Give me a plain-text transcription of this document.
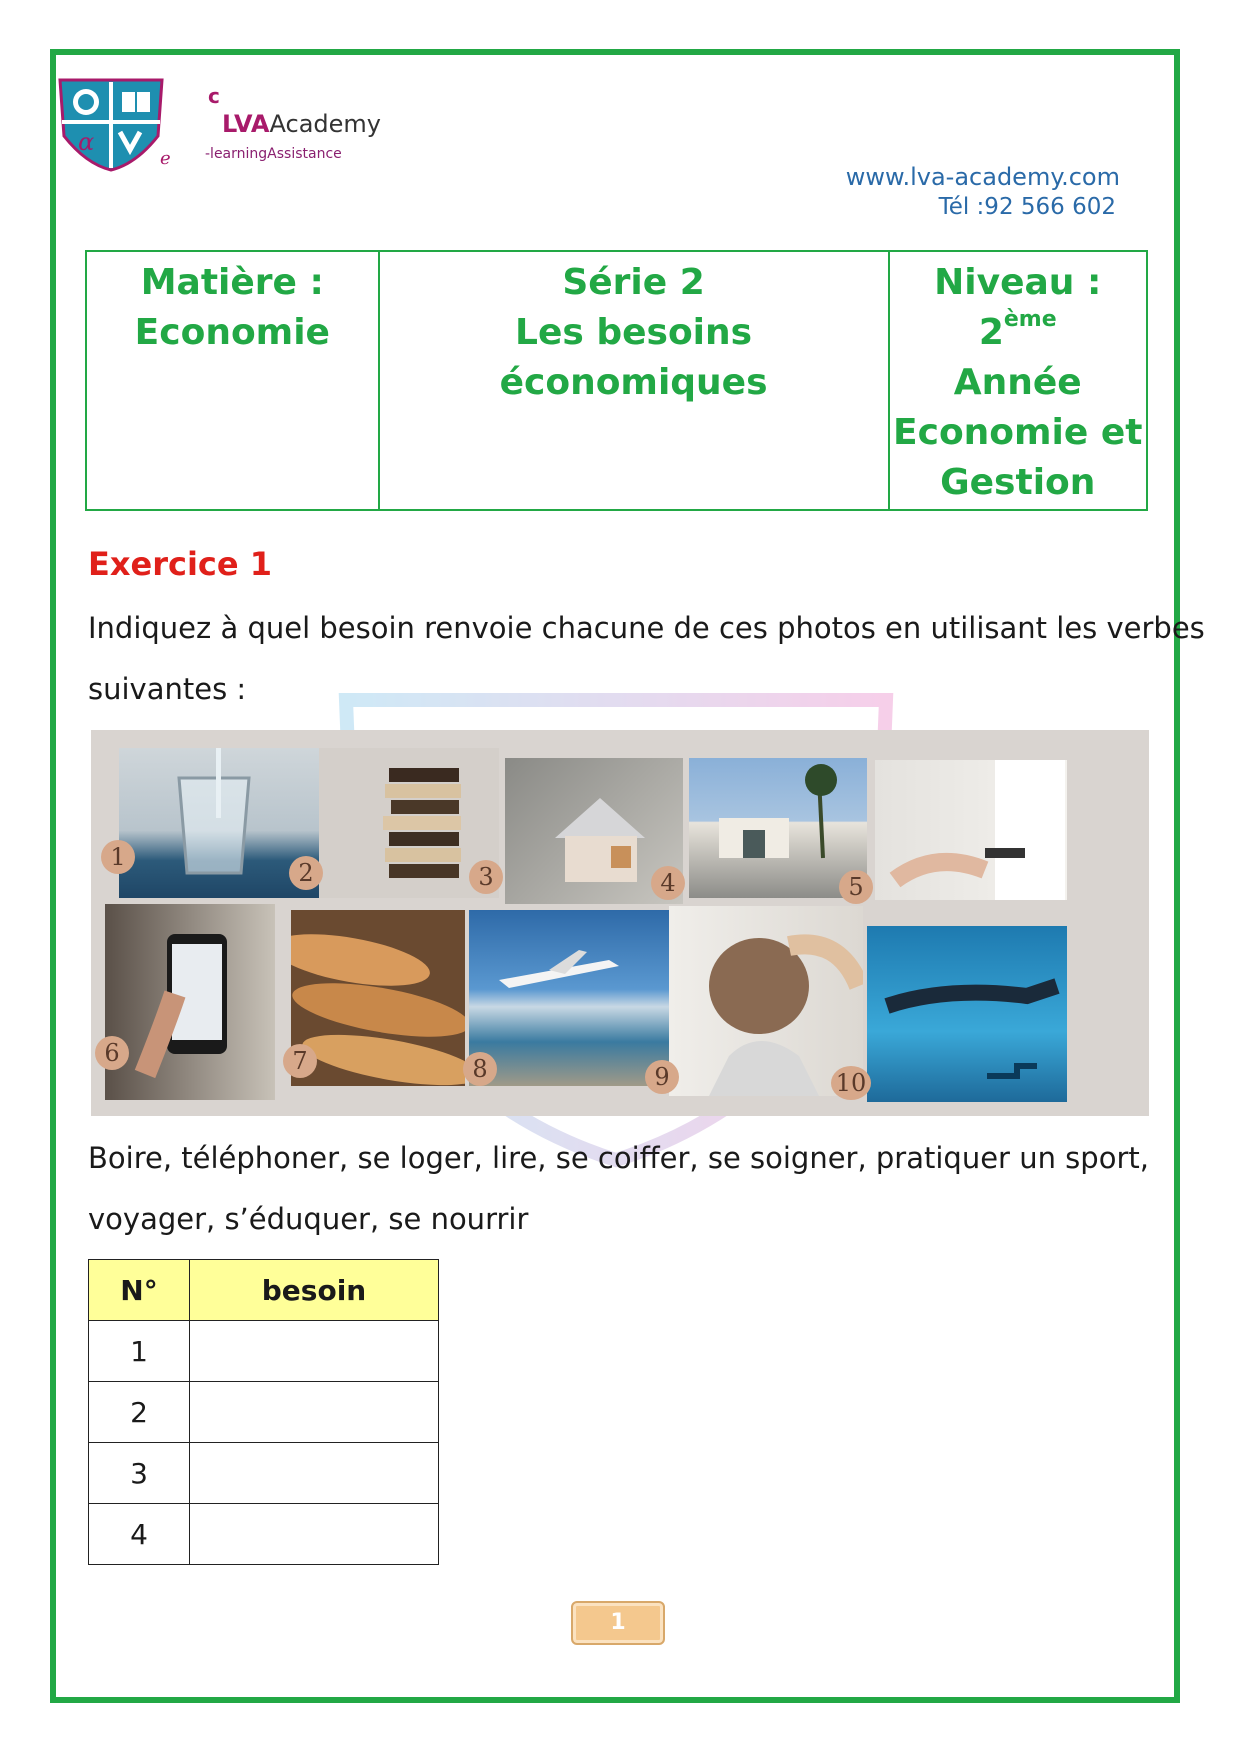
α
c
LVAAcademy
-learningAssistance
e
www.lva-academy.com
Tél :92 566 602
Matière :
Economie

Série 2
Les besoins économiques

Niveau : 2ème
Année
Economie et
Gestion
Exercice 1
Indiquez à quel besoin renvoie chacune de ces photos en utilisant les verbes
suivantes :
1
2	3	4	5
6	7	8	9	10
Boire, téléphoner, se loger, lire, se coiffer, se soigner, pratiquer un sport,
voyager, s’éduquer, se nourrir
N°	besoin
1	
2	
3	
4	
1
